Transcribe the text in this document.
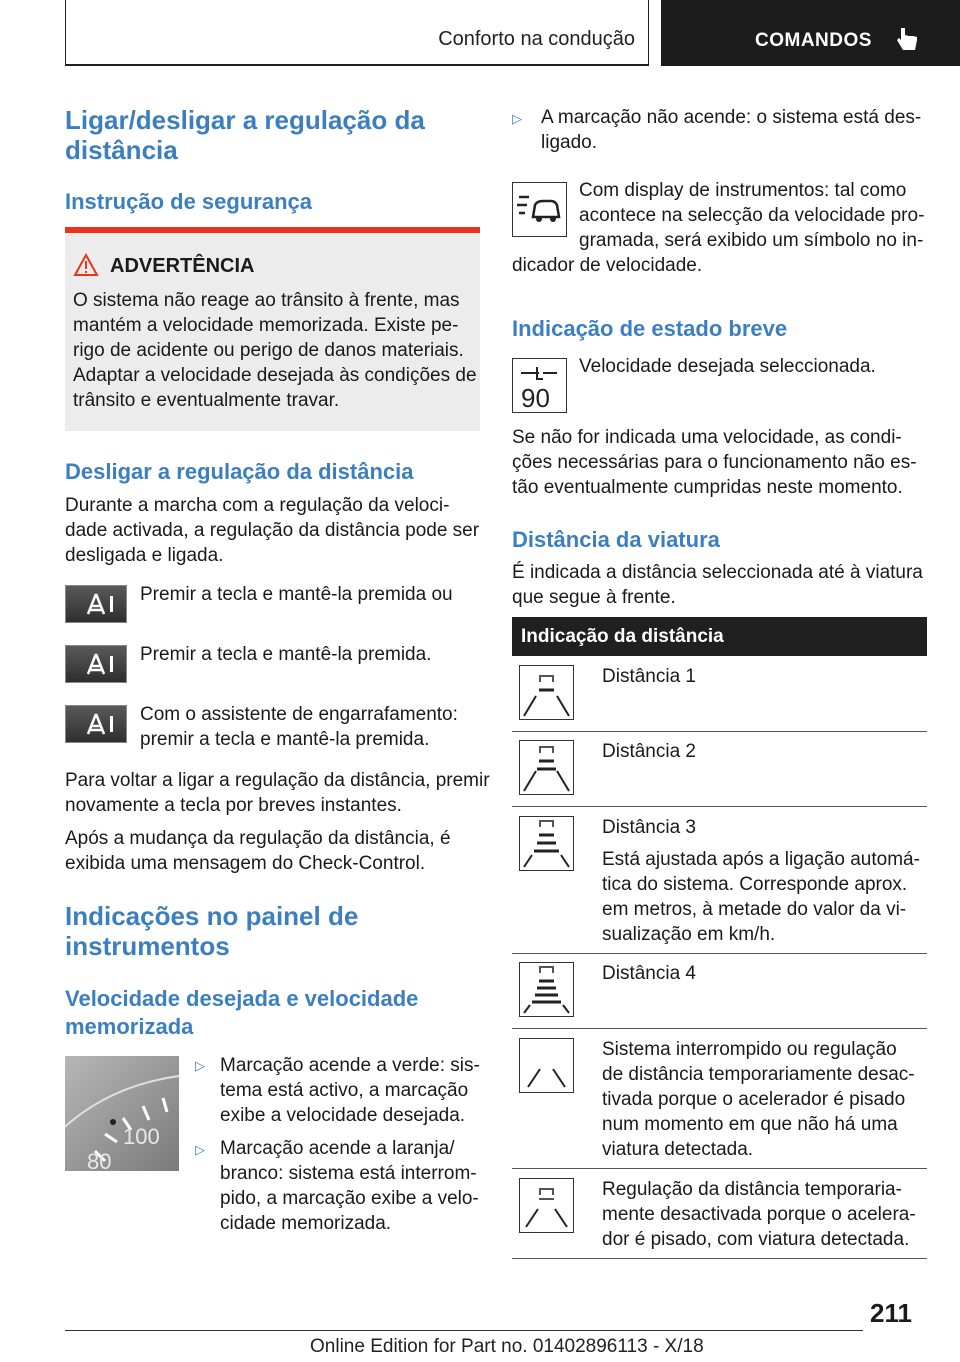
Conforto na condução	COMANDOS
Ligar/desligar a regulação da
distância
Instrução de segurança
ADVERTÊNCIA
O sistema não reage ao trânsito à frente, mas
mantém a velocidade memorizada. Existe pe-
rigo de acidente ou perigo de danos materiais.
Adaptar a velocidade desejada às condições de
trânsito e eventualmente travar.
Desligar a regulação da distância
Durante a marcha com a regulação da veloci-
dade activada, a regulação da distância pode ser
desligada e ligada.
Premir a tecla e mantê-la premida ou
Premir a tecla e mantê-la premida.
Com o assistente de engarrafamento:
premir a tecla e mantê-la premida.
Para voltar a ligar a regulação da distância, premir
novamente a tecla por breves instantes.
Após a mudança da regulação da distância, é
exibida uma mensagem do Check-Control.
Indicações no painel de
instrumentos
Velocidade desejada e velocidade
memorizada
100
80
▷ Marcação acende a verde: sis-
tema está activo, a marcação
exibe a velocidade desejada.
▷ Marcação acende a laranja/
branco: sistema está interrom-
pido, a marcação exibe a velo-
cidade memorizada.
▷ A marcação não acende: o sistema está des-
ligado.
Com display de instrumentos: tal como
acontece na selecção da velocidade pro-
gramada, será exibido um símbolo no in-
dicador de velocidade.
Indicação de estado breve
90
Velocidade desejada seleccionada.
Se não for indicada uma velocidade, as condi-
ções necessárias para o funcionamento não es-
tão eventualmente cumpridas neste momento.
Distância da viatura
É indicada a distância seleccionada até à viatura
que segue à frente.
Indicação da distância
Distância 1
Distância 2
Distância 3
Está ajustada após a ligação automá-
tica do sistema. Corresponde aprox.
em metros, à metade do valor da vi-
sualização em km/h.
Distância 4
Sistema interrompido ou regulação
de distância temporariamente desac-
tivada porque o acelerador é pisado
num momento em que não há uma
viatura detectada.
Regulação da distância temporaria-
mente desactivada porque o acelera-
dor é pisado, com viatura detectada.
211
Online Edition for Part no. 01402896113 - X/18
